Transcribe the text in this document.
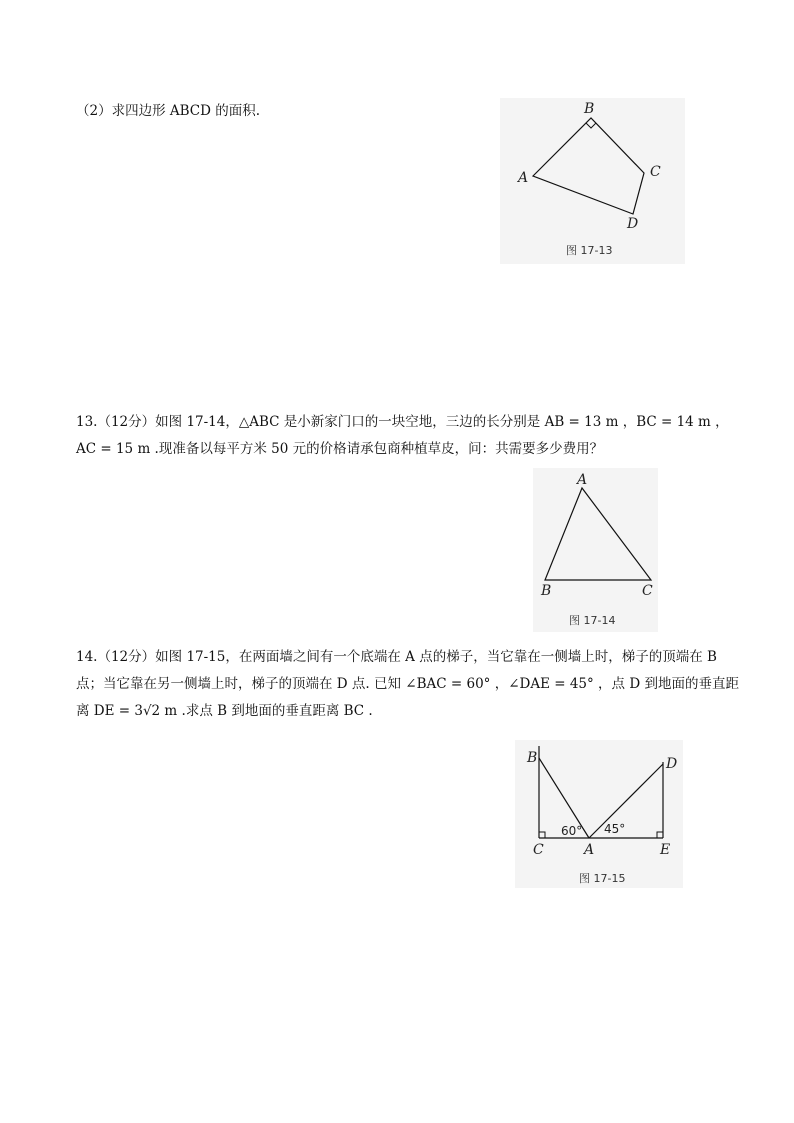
（2）求四边形 ABCD 的面积.	B
A	C
D
图 17-13
13.（12分）如图 17-14，△ABC 是小新家门口的一块空地，三边的长分别是 AB = 13 m ，BC = 14 m ，
AC = 15 m .现准备以每平方米 50 元的价格请承包商种植草皮，问：共需要多少费用？
A
B	C
图 17-14
14.（12分）如图 17-15，在两面墙之间有一个底端在 A 点的梯子，当它靠在一侧墙上时，梯子的顶端在 B
点；当它靠在另一侧墙上时，梯子的顶端在 D 点. 已知 ∠BAC = 60° ，∠DAE = 45° ，点 D 到地面的垂直距
离 DE = 3√2 m .求点 B 到地面的垂直距离 BC .
B	D
C	A	E
60° 45°
图 17-15
